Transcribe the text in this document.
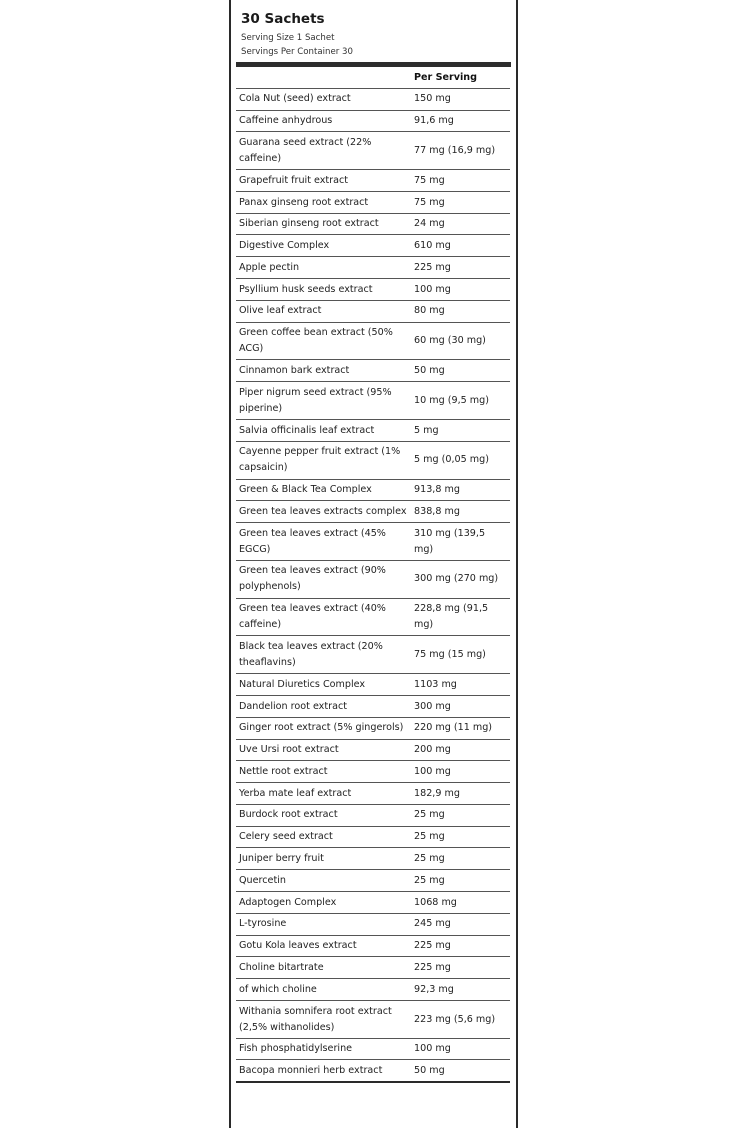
30 Sachets
Serving Size 1 Sachet
Servings Per Container 30
	Per Serving
Cola Nut (seed) extract	150 mg
Caffeine anhydrous	91,6 mg
Guarana seed extract (22% caffeine)	77 mg (16,9 mg)
Grapefruit fruit extract	75 mg
Panax ginseng root extract	75 mg
Siberian ginseng root extract	24 mg
Digestive Complex	610 mg
Apple pectin	225 mg
Psyllium husk seeds extract	100 mg
Olive leaf extract	80 mg
Green coffee bean extract (50% ACG)	60 mg (30 mg)
Cinnamon bark extract	50 mg
Piper nigrum seed extract (95% piperine)	10 mg (9,5 mg)
Salvia officinalis leaf extract	5 mg
Cayenne pepper fruit extract (1% capsaicin)	5 mg (0,05 mg)
Green & Black Tea Complex	913,8 mg
Green tea leaves extracts complex	838,8 mg
Green tea leaves extract (45% EGCG)	310 mg (139,5 mg)
Green tea leaves extract (90% polyphenols)	300 mg (270 mg)
Green tea leaves extract (40% caffeine)	228,8 mg (91,5 mg)
Black tea leaves extract (20% theaflavins)	75 mg (15 mg)
Natural Diuretics Complex	1103 mg
Dandelion root extract	300 mg
Ginger root extract (5% gingerols)	220 mg (11 mg)
Uve Ursi root extract	200 mg
Nettle root extract	100 mg
Yerba mate leaf extract	182,9 mg
Burdock root extract	25 mg
Celery seed extract	25 mg
Juniper berry fruit	25 mg
Quercetin	25 mg
Adaptogen Complex	1068 mg
L-tyrosine	245 mg
Gotu Kola leaves extract	225 mg
Choline bitartrate	225 mg
of which choline	92,3 mg
Withania somnifera root extract (2,5% withanolides)	223 mg (5,6 mg)
Fish phosphatidylserine	100 mg
Bacopa monnieri herb extract	50 mg
